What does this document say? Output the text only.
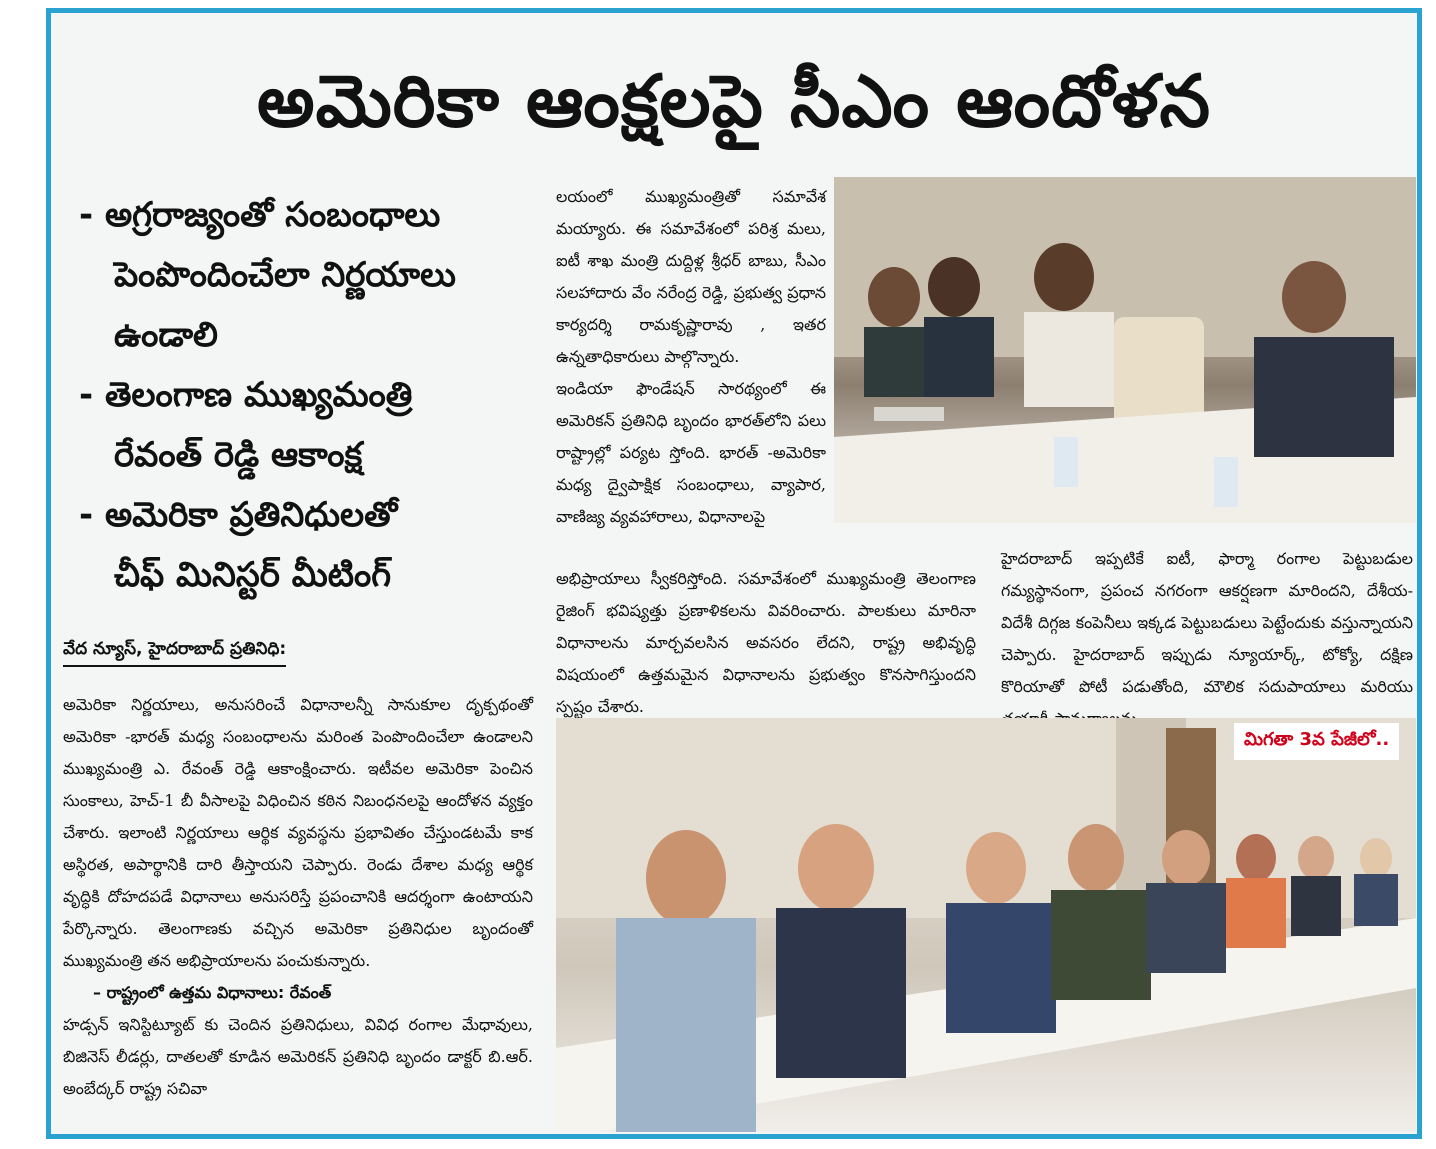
అమెరికా ఆంక్షలపై సీఎం ఆందోళన
- అగ్రరాజ్యంతో సంబంధాలు
పెంపొందించేలా నిర్ణయాలు
ఉండాలి
- తెలంగాణ ముఖ్యమంత్రి
రేవంత్ రెడ్డి ఆకాంక్ష
- అమెరికా ప్రతినిధులతో
చీఫ్ మినిస్టర్ మీటింగ్
వేద న్యూస్, హైదరాబాద్ ప్రతినిధి:

అమెరికా నిర్ణయాలు, అనుసరించే విధానాలన్నీ సానుకూల దృక్పథంతో అమెరికా -భారత్ మధ్య సంబంధాలను మరింత పెంపొందించేలా ఉండాలని ముఖ్యమంత్రి ఎ. రేవంత్ రెడ్డి ఆకాంక్షించారు. ఇటీవల అమెరికా పెంచిన సుంకాలు, హెచ్-1 బీ వీసాలపై విధించిన కఠిన నిబంధనలపై ఆందోళన వ్యక్తం చేశారు. ఇలాంటి నిర్ణయాలు ఆర్థిక వ్యవస్థను ప్రభావితం చేస్తుండటమే కాక అస్థిరత, అపార్థానికి దారి తీస్తాయని చెప్పారు. రెండు దేశాల మధ్య ఆర్థిక వృద్ధికి దోహదపడే విధానాలు అనుసరిస్తే ప్రపంచానికి ఆదర్శంగా ఉంటాయని పేర్కొన్నారు. తెలంగాణకు వచ్చిన అమెరికా ప్రతినిధుల బృందంతో ముఖ్యమంత్రి తన అభిప్రాయాలను పంచుకున్నారు.

– రాష్ట్రంలో ఉత్తమ విధానాలు: రేవంత్

హడ్సన్ ఇనిస్టిట్యూట్ కు చెందిన ప్రతినిధులు, వివిధ రంగాల మేధావులు, బిజినెస్ లీడర్లు, దాతలతో కూడిన అమెరికన్ ప్రతినిధి బృందం డాక్టర్ బి.ఆర్. అంబేద్కర్ రాష్ట్ర సచివా

లయంలో ముఖ్యమంత్రితో సమావేశ మయ్యారు. ఈ సమావేశంలో పరిశ్ర మలు, ఐటీ శాఖ మంత్రి దుద్దిళ్ల శ్రీధర్ బాబు, సీఎం సలహాదారు వేం నరేంద్ర రెడ్డి, ప్రభుత్వ ప్రధాన కార్యదర్శి రామకృష్ణారావు , ఇతర ఉన్నతాధికారులు పాల్గొన్నారు.

ఇండియా ఫౌండేషన్ సారథ్యంలో ఈ అమెరికన్ ప్రతినిధి బృందం భారత్‌లోని పలు రాష్ట్రాల్లో పర్యట స్తోంది. భారత్ -అమెరికా మధ్య ద్వైపాక్షిక సంబంధాలు, వ్యాపార, వాణిజ్య వ్యవహారాలు, విధానాలపై

అభిప్రాయాలు స్వీకరిస్తోంది. సమావేశంలో ముఖ్యమంత్రి తెలంగాణ రైజింగ్ భవిష్యత్తు ప్రణాళికలను వివరించారు. పాలకులు మారినా విధానాలను మార్చవలసిన అవసరం లేదని, రాష్ట్ర అభివృద్ధి విషయంలో ఉత్తమమైన విధానాలను ప్రభుత్వం కొనసాగిస్తుందని స్పష్టం చేశారు.

హైదరాబాద్ ఇప్పటికే ఐటీ, ఫార్మా రంగాల పెట్టుబడుల గమ్యస్థానంగా, ప్రపంచ నగరంగా ఆకర్షణగా మారిందని, దేశీయ-విదేశీ దిగ్గజ కంపెనీలు ఇక్కడ పెట్టుబడులు పెట్టేందుకు వస్తున్నాయని చెప్పారు. హైదరాబాద్ ఇప్పుడు న్యూయార్క్, టోక్యో, దక్షిణ కొరియాతో పోటీ పడుతోంది, మౌలిక సదుపాయాలు మరియు

మిగతా 3వ పేజీలో..
